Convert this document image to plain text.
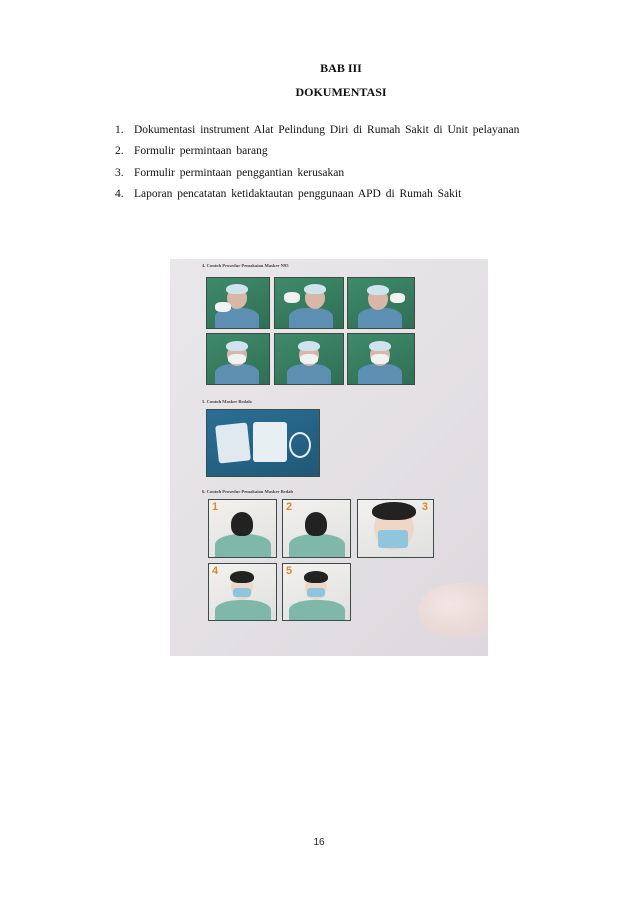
BAB III
DOKUMENTASI
1. Dokumentasi instrument Alat Pelindung Diri di Rumah Sakit di Unit pelayanan
2. Formulir permintaan barang
3. Formulir permintaan penggantian kerusakan
4. Laporan pencatatan ketidaktautan penggunaan APD di Rumah Sakit
4. Contoh Prosedur Pemakaian Masker N95
5. Contoh Masker Bedah:
6. Contoh Prosedur Pemakaian Masker Bedah
1	2	3
4	5

16
